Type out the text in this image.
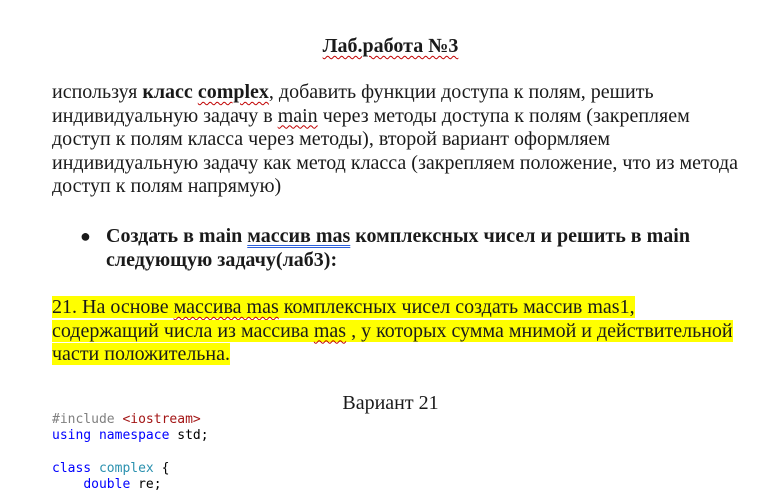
Лаб.работа №3
используя класс complex, добавить функции доступа к полям, решить индивидуальную задачу в main через методы доступа к полям (закрепляем доступ к полям класса через методы), второй вариант оформляем индивидуальную задачу как метод класса (закрепляем положение, что из метода доступ к полям напрямую)
● Создать в main массив mas комплексных чисел и решить в main следующую задачу(лаб3):
21. На основе массива mas комплексных чисел создать массив mas1, содержащий числа из массива mas , у которых сумма мнимой и действительной части положительна.
Вариант 21
#include <iostream>
using namespace std;

class complex {
double re;
